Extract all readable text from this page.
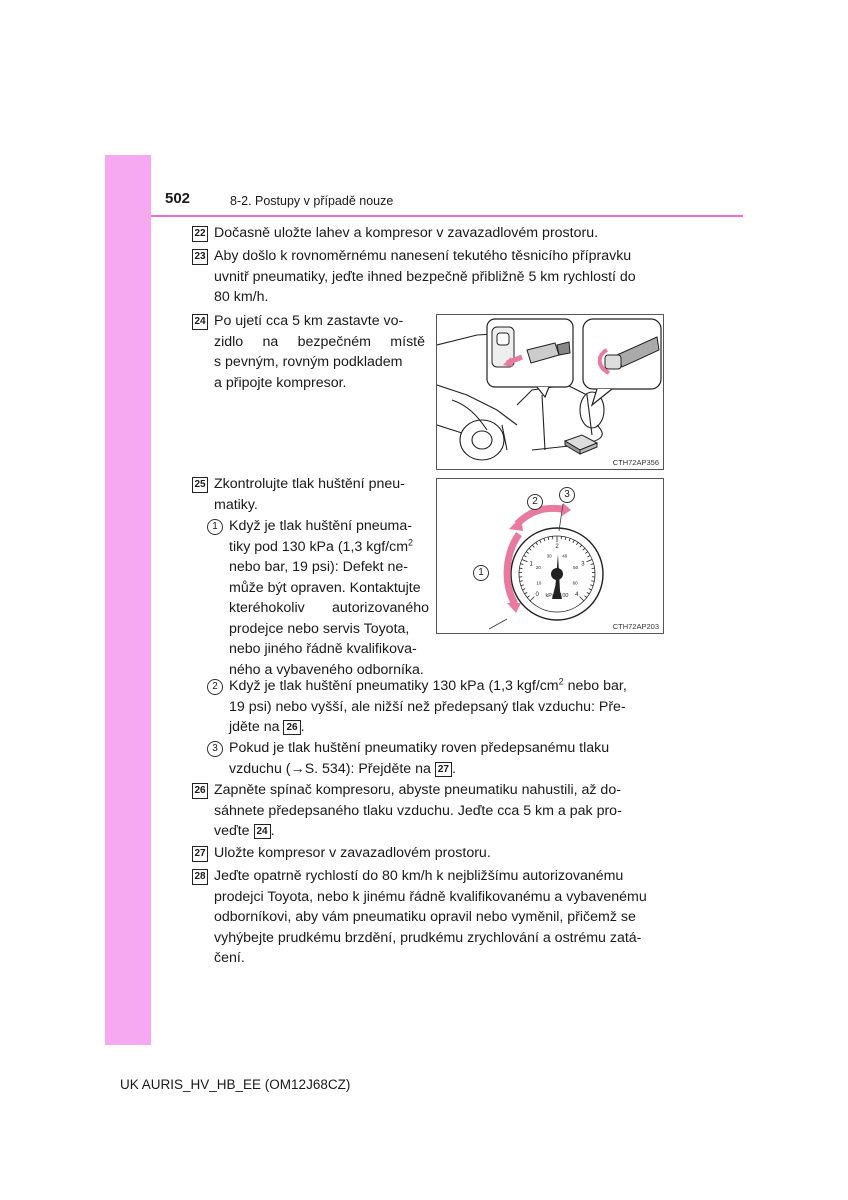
502	8-2. Postupy v případě nouze
22 Dočasně uložte lahev a kompresor v zavazadlovém prostoru.
23 Aby došlo k rovnoměrnému nanesení tekutého těsnicího přípravku
uvnitř pneumatiky, jeďte ihned bezpečně přibližně 5 km rychlostí do
80 km/h.
24 Po ujetí cca 5 km zastavte vo-
zidlo na bezpečném místě
s pevným, rovným podkladem
a připojte kompresor.
CTH72AP356
25 Zkontrolujte tlak huštění pneu-
matiky.
1 Když je tlak huštění pneuma-
tiky pod 130 kPa (1,3 kgf/$cm^2$
nebo bar, 19 psi): Defekt ne-
může být opraven. Kontaktujte
kteréhokoliv autorizovaného
prodejce nebo servis Toyota,
nebo jiného řádně kvalifikova-
ného a vybaveného odborníka.
0
1
2
3
4
10
20
30 40
50
60
kPa x100
1
2
3
CTH72AP203
2 Když je tlak huštění pneumatiky 130 kPa (1,3 kgf/$cm^2$ nebo bar,
19 psi) nebo vyšší, ale nižší než předepsaný tlak vzduchu: Pře-
jděte na 26 .
3 Pokud je tlak huštění pneumatiky roven předepsanému tlaku
vzduchu (→S. 534): Přejděte na 27 .
26 Zapněte spínač kompresoru, abyste pneumatiku nahustili, až do-
sáhnete předepsaného tlaku vzduchu. Jeďte cca 5 km a pak pro-
veďte 24 .
27 Uložte kompresor v zavazadlovém prostoru.
28 Jeďte opatrně rychlostí do 80 km/h k nejbližšímu autorizovanému
prodejci Toyota, nebo k jinému řádně kvalifikovanému a vybavenému
odborníkovi, aby vám pneumatiku opravil nebo vyměnil, přičemž se
vyhýbejte prudkému brzdění, prudkému zrychlování a ostrému zatá-
čení.
UK AURIS_HV_HB_EE (OM12J68CZ)
